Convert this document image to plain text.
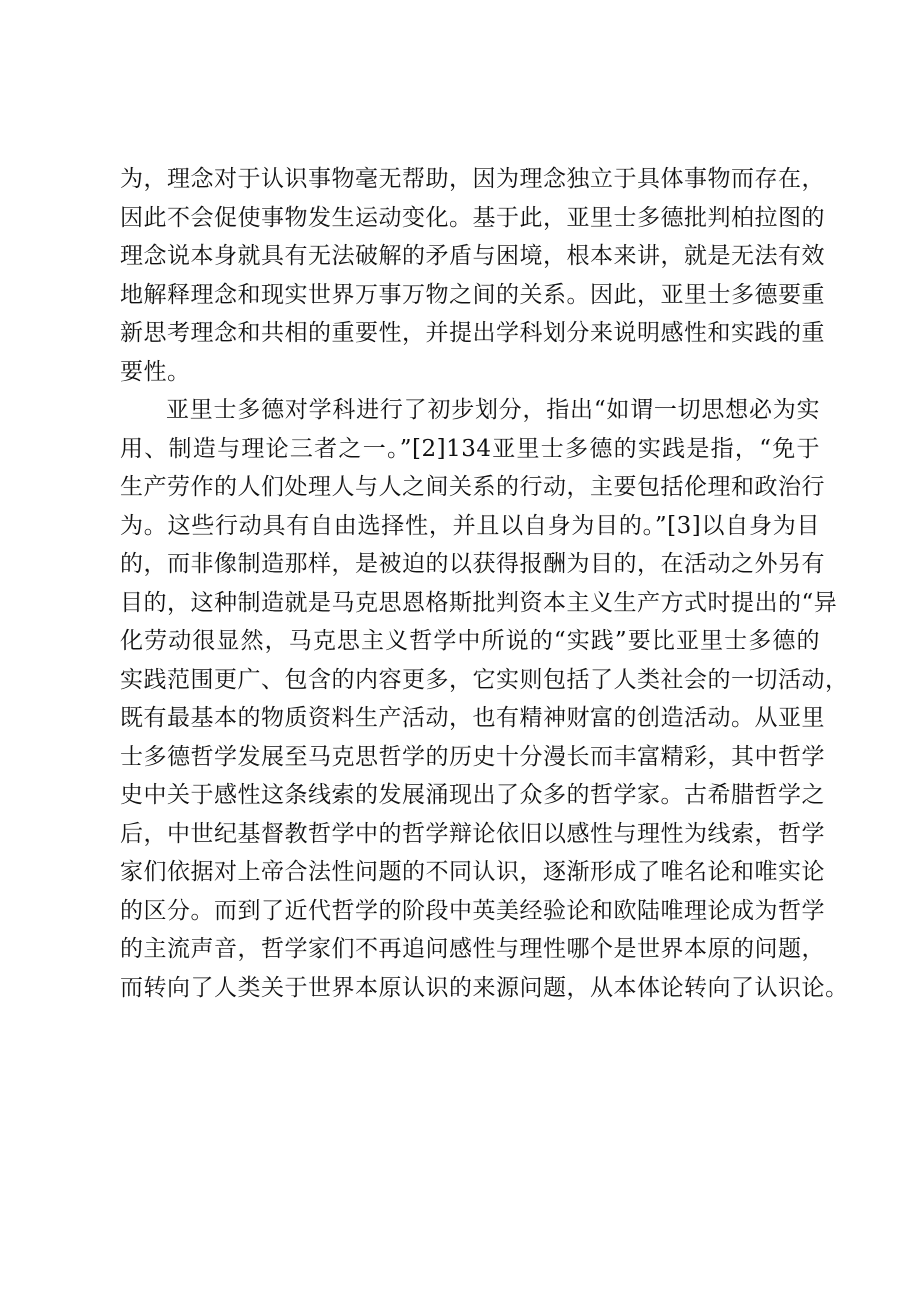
为，理念对于认识事物毫无帮助，因为理念独立于具体事物而存在，
因此不会促使事物发生运动变化。基于此，亚里士多德批判柏拉图的
理念说本身就具有无法破解的矛盾与困境，根本来讲，就是无法有效
地解释理念和现实世界万事万物之间的关系。因此，亚里士多德要重
新思考理念和共相的重要性，并提出学科划分来说明感性和实践的重
要性。
亚里士多德对学科进行了初步划分，指出“如谓一切思想必为实
用、制造与理论三者之一。”[2]134亚里士多德的实践是指，“免于
生产劳作的人们处理人与人之间关系的行动，主要包括伦理和政治行
为。这些行动具有自由选择性，并且以自身为目的。”[3]以自身为目
的，而非像制造那样，是被迫的以获得报酬为目的，在活动之外另有
目的，这种制造就是马克思恩格斯批判资本主义生产方式时提出的“异
化劳动很显然，马克思主义哲学中所说的“实践”要比亚里士多德的
实践范围更广、包含的内容更多，它实则包括了人类社会的一切活动，
既有最基本的物质资料生产活动，也有精神财富的创造活动。从亚里
士多德哲学发展至马克思哲学的历史十分漫长而丰富精彩，其中哲学
史中关于感性这条线索的发展涌现出了众多的哲学家。古希腊哲学之
后，中世纪基督教哲学中的哲学辩论依旧以感性与理性为线索，哲学
家们依据对上帝合法性问题的不同认识，逐渐形成了唯名论和唯实论
的区分。而到了近代哲学的阶段中英美经验论和欧陆唯理论成为哲学
的主流声音，哲学家们不再追问感性与理性哪个是世界本原的问题，
而转向了人类关于世界本原认识的来源问题，从本体论转向了认识论。
